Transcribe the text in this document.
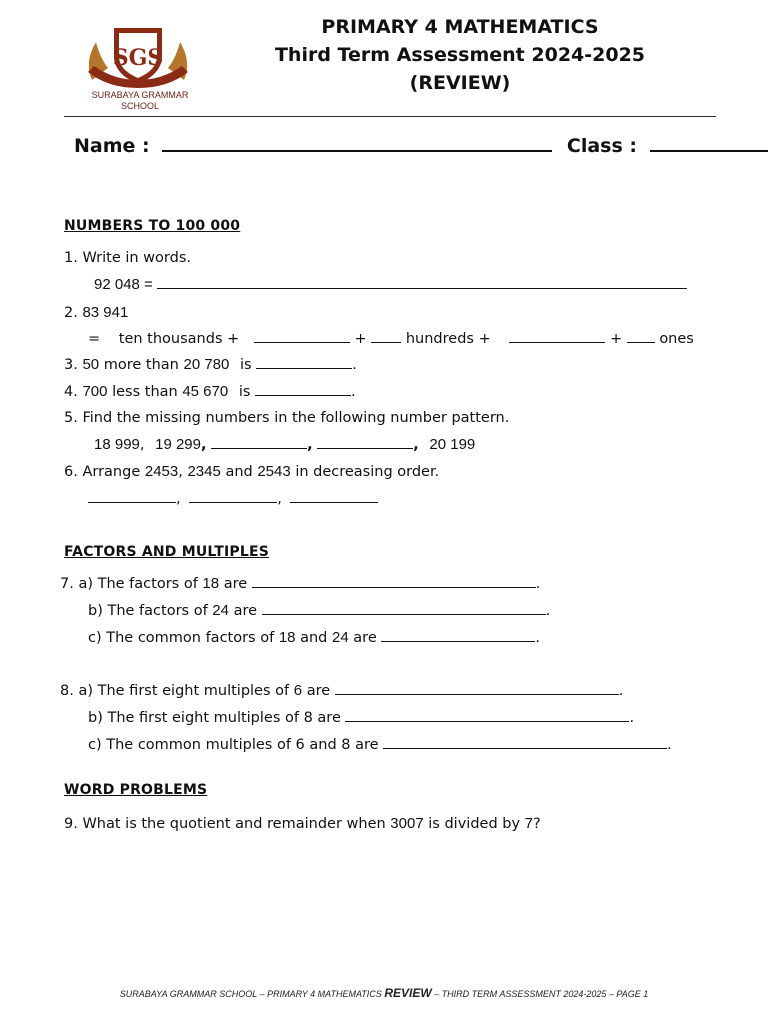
SGS
SURABAYA GRAMMAR
SCHOOL
PRIMARY 4 MATHEMATICS
Third Term Assessment 2024-2025
(REVIEW)
Name :	Class :
NUMBERS TO 100 000
1. Write in words.
92 048 =
2. 83 941
= ten thousands +	+	hundreds +	+	ones
3. 50 more than 20 780 is	.
4. 700 less than 45 670 is	.
5. Find the missing numbers in the following number pattern.
18 999, 19 299,	,	, 20 199
6. Arrange 2453, 2345 and 2543 in decreasing order.
,	,
FACTORS AND MULTIPLES
7. a) The factors of 18 are	.
b) The factors of 24 are	.
c) The common factors of 18 and 24 are	.
8. a) The first eight multiples of 6 are	.
b) The first eight multiples of 8 are	.
c) The common multiples of 6 and 8 are	.
WORD PROBLEMS
9. What is the quotient and remainder when 3007 is divided by 7?
SURABAYA GRAMMAR SCHOOL – PRIMARY 4 MATHEMATICS REVIEW – THIRD TERM ASSESSMENT 2024-2025 – PAGE 1
